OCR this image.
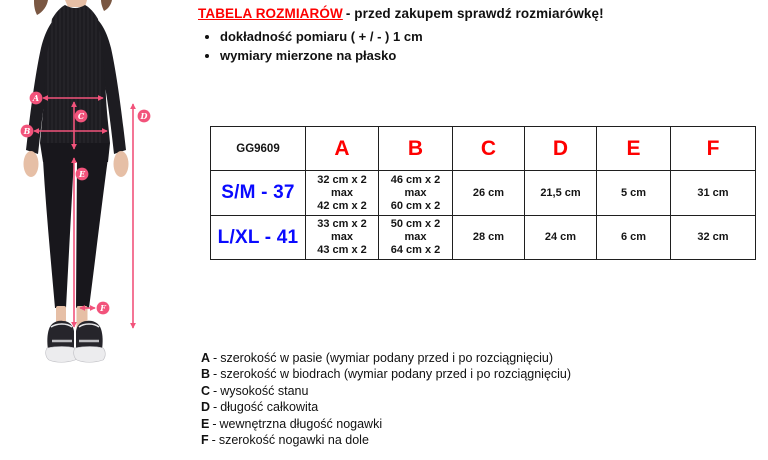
A
B
C	D
E
F
TABELA ROZMIARÓW - przed zakupem sprawdź rozmiarówkę!
• dokładność pomiaru ( + / - ) 1 cm
• wymiary mierzone na płasko
GG9609	A	B	C	D	E	F
S/M - 37	32 cm x 2
max
42 cm x 2	46 cm x 2
max
60 cm x 2	26 cm	21,5 cm	5 cm	31 cm
L/XL - 41	33 cm x 2
max
43 cm x 2	50 cm x 2
max
64 cm x 2	28 cm	24 cm	6 cm	32 cm
A - szerokość w pasie (wymiar podany przed i po rozciągnięciu)
B - szerokość w biodrach (wymiar podany przed i po rozciągnięciu)
C - wysokość stanu
D - długość całkowita
E - wewnętrzna długość nogawki
F - szerokość nogawki na dole
